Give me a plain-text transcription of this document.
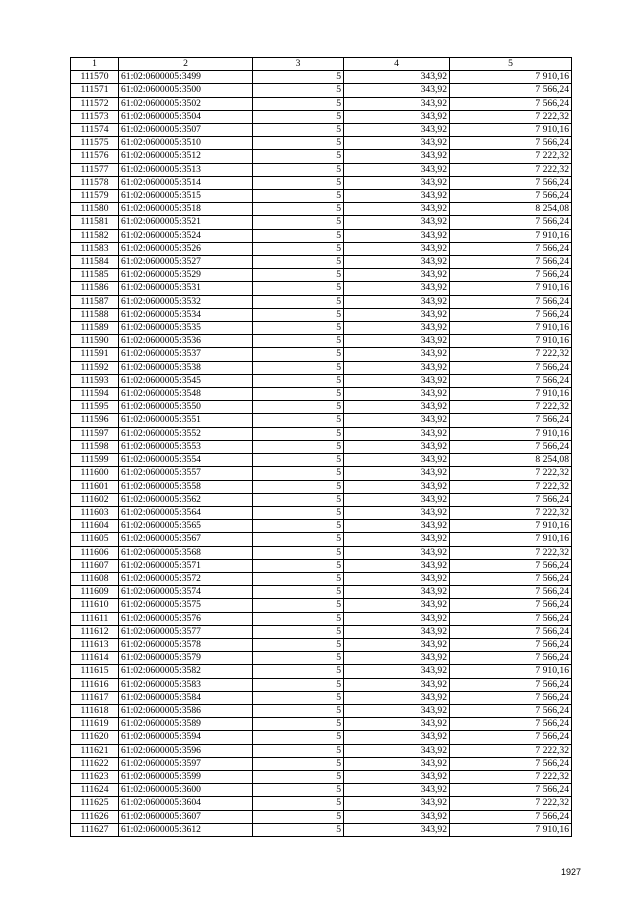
1	2	3	4	5
111570	61:02:0600005:3499	5	343,92	7 910,16
111571	61:02:0600005:3500	5	343,92	7 566,24
111572	61:02:0600005:3502	5	343,92	7 566,24
111573	61:02:0600005:3504	5	343,92	7 222,32
111574	61:02:0600005:3507	5	343,92	7 910,16
111575	61:02:0600005:3510	5	343,92	7 566,24
111576	61:02:0600005:3512	5	343,92	7 222,32
111577	61:02:0600005:3513	5	343,92	7 222,32
111578	61:02:0600005:3514	5	343,92	7 566,24
111579	61:02:0600005:3515	5	343,92	7 566,24
111580	61:02:0600005:3518	5	343,92	8 254,08
111581	61:02:0600005:3521	5	343,92	7 566,24
111582	61:02:0600005:3524	5	343,92	7 910,16
111583	61:02:0600005:3526	5	343,92	7 566,24
111584	61:02:0600005:3527	5	343,92	7 566,24
111585	61:02:0600005:3529	5	343,92	7 566,24
111586	61:02:0600005:3531	5	343,92	7 910,16
111587	61:02:0600005:3532	5	343,92	7 566,24
111588	61:02:0600005:3534	5	343,92	7 566,24
111589	61:02:0600005:3535	5	343,92	7 910,16
111590	61:02:0600005:3536	5	343,92	7 910,16
111591	61:02:0600005:3537	5	343,92	7 222,32
111592	61:02:0600005:3538	5	343,92	7 566,24
111593	61:02:0600005:3545	5	343,92	7 566,24
111594	61:02:0600005:3548	5	343,92	7 910,16
111595	61:02:0600005:3550	5	343,92	7 222,32
111596	61:02:0600005:3551	5	343,92	7 566,24
111597	61:02:0600005:3552	5	343,92	7 910,16
111598	61:02:0600005:3553	5	343,92	7 566,24
111599	61:02:0600005:3554	5	343,92	8 254,08
111600	61:02:0600005:3557	5	343,92	7 222,32
111601	61:02:0600005:3558	5	343,92	7 222,32
111602	61:02:0600005:3562	5	343,92	7 566,24
111603	61:02:0600005:3564	5	343,92	7 222,32
111604	61:02:0600005:3565	5	343,92	7 910,16
111605	61:02:0600005:3567	5	343,92	7 910,16
111606	61:02:0600005:3568	5	343,92	7 222,32
111607	61:02:0600005:3571	5	343,92	7 566,24
111608	61:02:0600005:3572	5	343,92	7 566,24
111609	61:02:0600005:3574	5	343,92	7 566,24
111610	61:02:0600005:3575	5	343,92	7 566,24
111611	61:02:0600005:3576	5	343,92	7 566,24
111612	61:02:0600005:3577	5	343,92	7 566,24
111613	61:02:0600005:3578	5	343,92	7 566,24
111614	61:02:0600005:3579	5	343,92	7 566,24
111615	61:02:0600005:3582	5	343,92	7 910,16
111616	61:02:0600005:3583	5	343,92	7 566,24
111617	61:02:0600005:3584	5	343,92	7 566,24
111618	61:02:0600005:3586	5	343,92	7 566,24
111619	61:02:0600005:3589	5	343,92	7 566,24
111620	61:02:0600005:3594	5	343,92	7 566,24
111621	61:02:0600005:3596	5	343,92	7 222,32
111622	61:02:0600005:3597	5	343,92	7 566,24
111623	61:02:0600005:3599	5	343,92	7 222,32
111624	61:02:0600005:3600	5	343,92	7 566,24
111625	61:02:0600005:3604	5	343,92	7 222,32
111626	61:02:0600005:3607	5	343,92	7 566,24
111627	61:02:0600005:3612	5	343,92	7 910,16
1927
